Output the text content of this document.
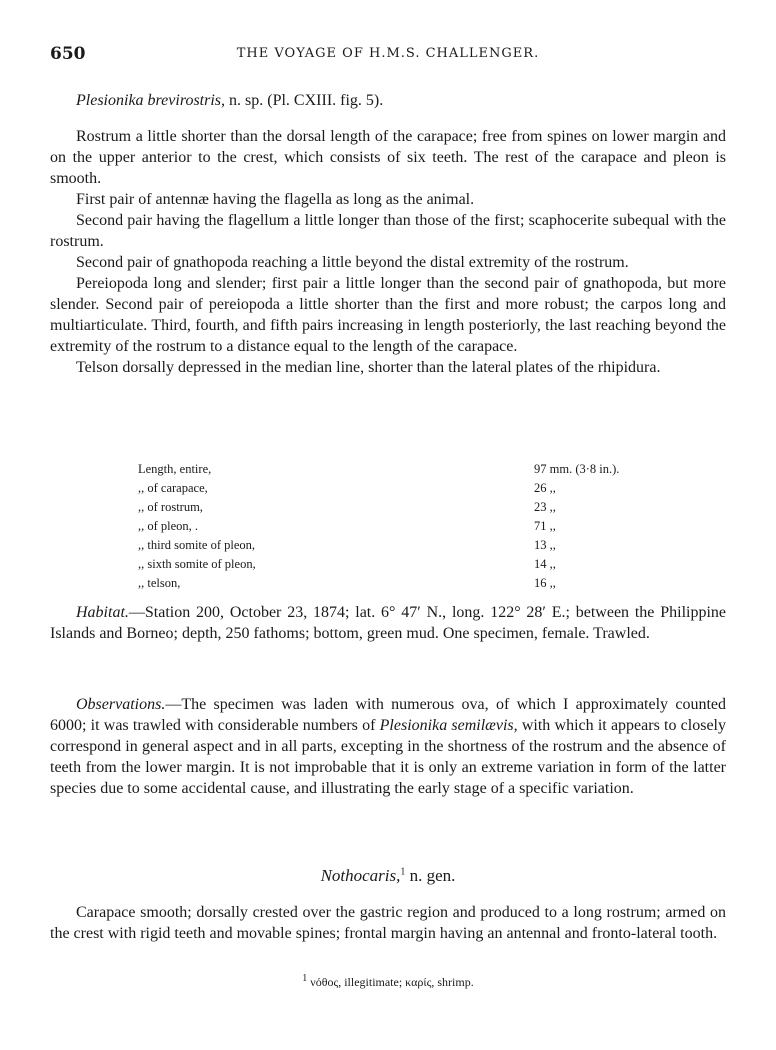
650	THE VOYAGE OF H.M.S. CHALLENGER.
Plesionika brevirostris, n. sp. (Pl. CXIII. fig. 5).

Rostrum a little shorter than the dorsal length of the carapace; free from spines on lower margin and on the upper anterior to the crest, which consists of six teeth. The rest of the carapace and pleon is smooth.

First pair of antennæ having the flagella as long as the animal.

Second pair having the flagellum a little longer than those of the first; scaphocerite subequal with the rostrum.

Second pair of gnathopoda reaching a little beyond the distal extremity of the rostrum.

Pereiopoda long and slender; first pair a little longer than the second pair of gnathopoda, but more slender. Second pair of pereiopoda a little shorter than the first and more robust; the carpos long and multiarticulate. Third, fourth, and fifth pairs increasing in length posteriorly, the last reaching beyond the extremity of the rostrum to a distance equal to the length of the carapace.

Telson dorsally depressed in the median line, shorter than the lateral plates of the rhipidura.

Length, entire,	97 mm. (3·8 in.).
,, of carapace,	26 ,,
,, of rostrum,	23 ,,
,, of pleon, .	71 ,,
,, third somite of pleon,	13 ,,
,, sixth somite of pleon,	14 ,,
,, telson,	16 ,,

Habitat.—Station 200, October 23, 1874; lat. 6° 47′ N., long. 122° 28′ E.; between the Philippine Islands and Borneo; depth, 250 fathoms; bottom, green mud. One specimen, female. Trawled.

Observations.—The specimen was laden with numerous ova, of which I approximately counted 6000; it was trawled with considerable numbers of Plesionika semilævis, with which it appears to closely correspond in general aspect and in all parts, excepting in the shortness of the rostrum and the absence of teeth from the lower margin. It is not improbable that it is only an extreme variation in form of the latter species due to some accidental cause, and illustrating the early stage of a specific variation.

Nothocaris,$^1$ n. gen.

Carapace smooth; dorsally crested over the gastric region and produced to a long rostrum; armed on the crest with rigid teeth and movable spines; frontal margin having an antennal and fronto-lateral tooth.

$^1$ νόθος, illegitimate; καρίς, shrimp.
